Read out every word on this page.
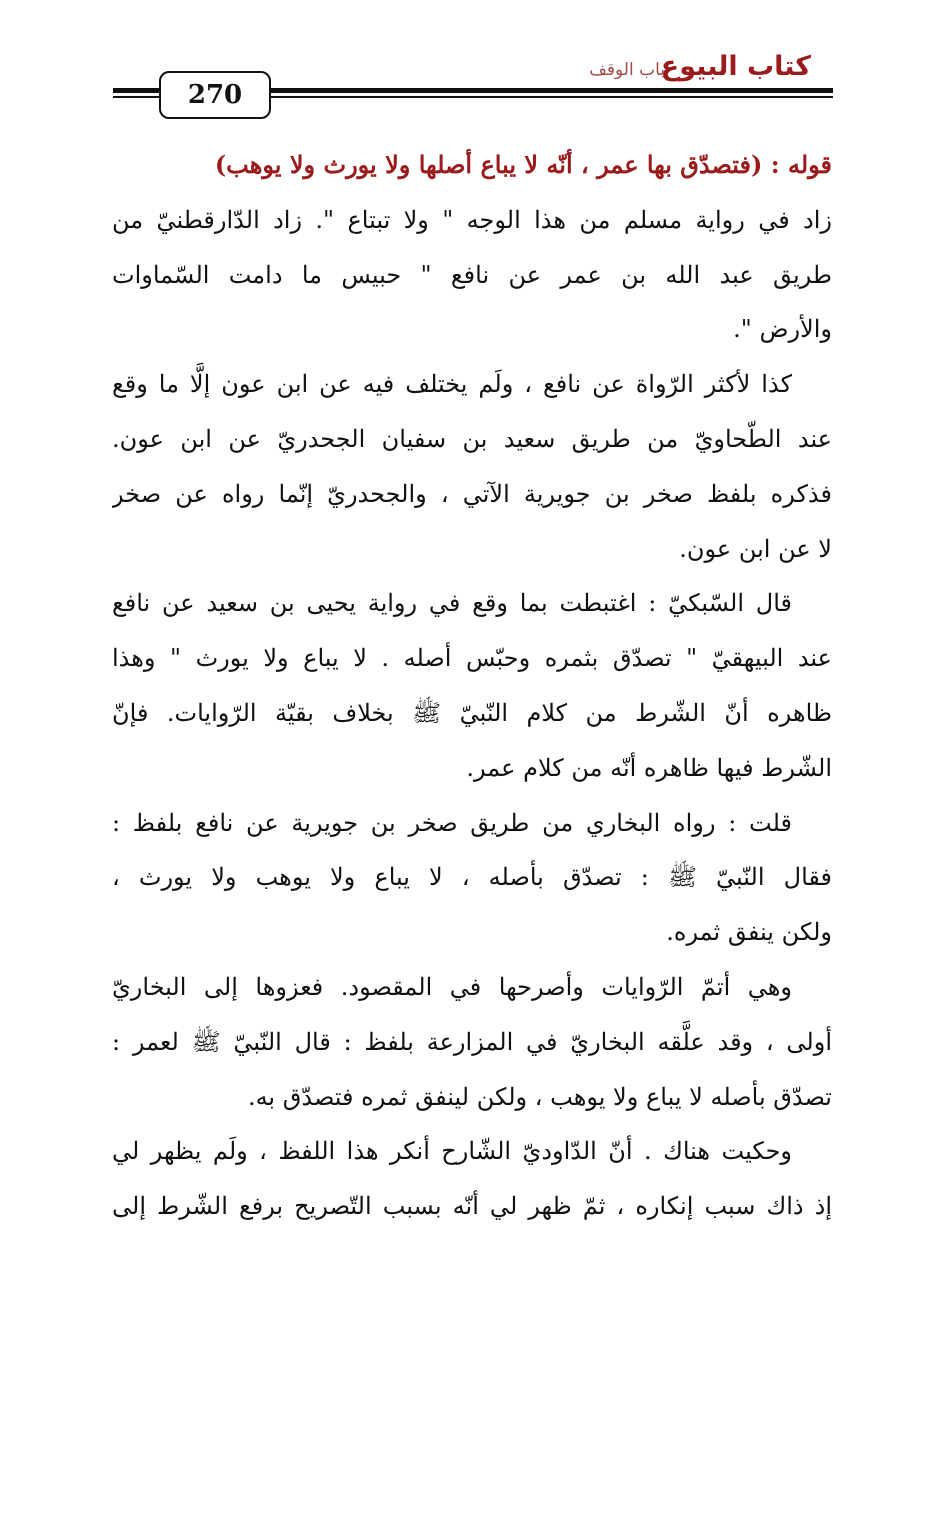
كتاب البيوع
باب الوقف
270
قوله : (فتصدّق بها عمر ، أنّه لا يباع أصلها ولا يورث ولا يوهب)
زاد في رواية مسلم من هذا الوجه " ولا تبتاع ". زاد الدّارقطنيّ من
طريق عبد الله بن عمر عن نافع " حبيس ما دامت السّماوات
والأرض ".
كذا لأكثر الرّواة عن نافع ، ولَم يختلف فيه عن ابن عون إلَّا ما وقع
عند الطّحاويّ من طريق سعيد بن سفيان الجحدريّ عن ابن عون.
فذكره بلفظ صخر بن جويرية الآتي ، والجحدريّ إنّما رواه عن صخر
لا عن ابن عون.
قال السّبكيّ : اغتبطت بما وقع في رواية يحيى بن سعيد عن نافع
عند البيهقيّ " تصدّق بثمره وحبّس أصله . لا يباع ولا يورث " وهذا
ظاهره أنّ الشّرط من كلام النّبيّ ﷺ بخلاف بقيّة الرّوايات. فإنّ
الشّرط فيها ظاهره أنّه من كلام عمر.
قلت : رواه البخاري من طريق صخر بن جويرية عن نافع بلفظ :
فقال النّبيّ ﷺ : تصدّق بأصله ، لا يباع ولا يوهب ولا يورث ،
ولكن ينفق ثمره.
وهي أتمّ الرّوايات وأصرحها في المقصود. فعزوها إلى البخاريّ
أولى ، وقد علَّقه البخاريّ في المزارعة بلفظ : قال النّبيّ ﷺ لعمر :
تصدّق بأصله لا يباع ولا يوهب ، ولكن لينفق ثمره فتصدّق به.
وحكيت هناك . أنّ الدّاوديّ الشّارح أنكر هذا اللفظ ، ولَم يظهر لي
إذ ذاك سبب إنكاره ، ثمّ ظهر لي أنّه بسبب التّصريح برفع الشّرط إلى
